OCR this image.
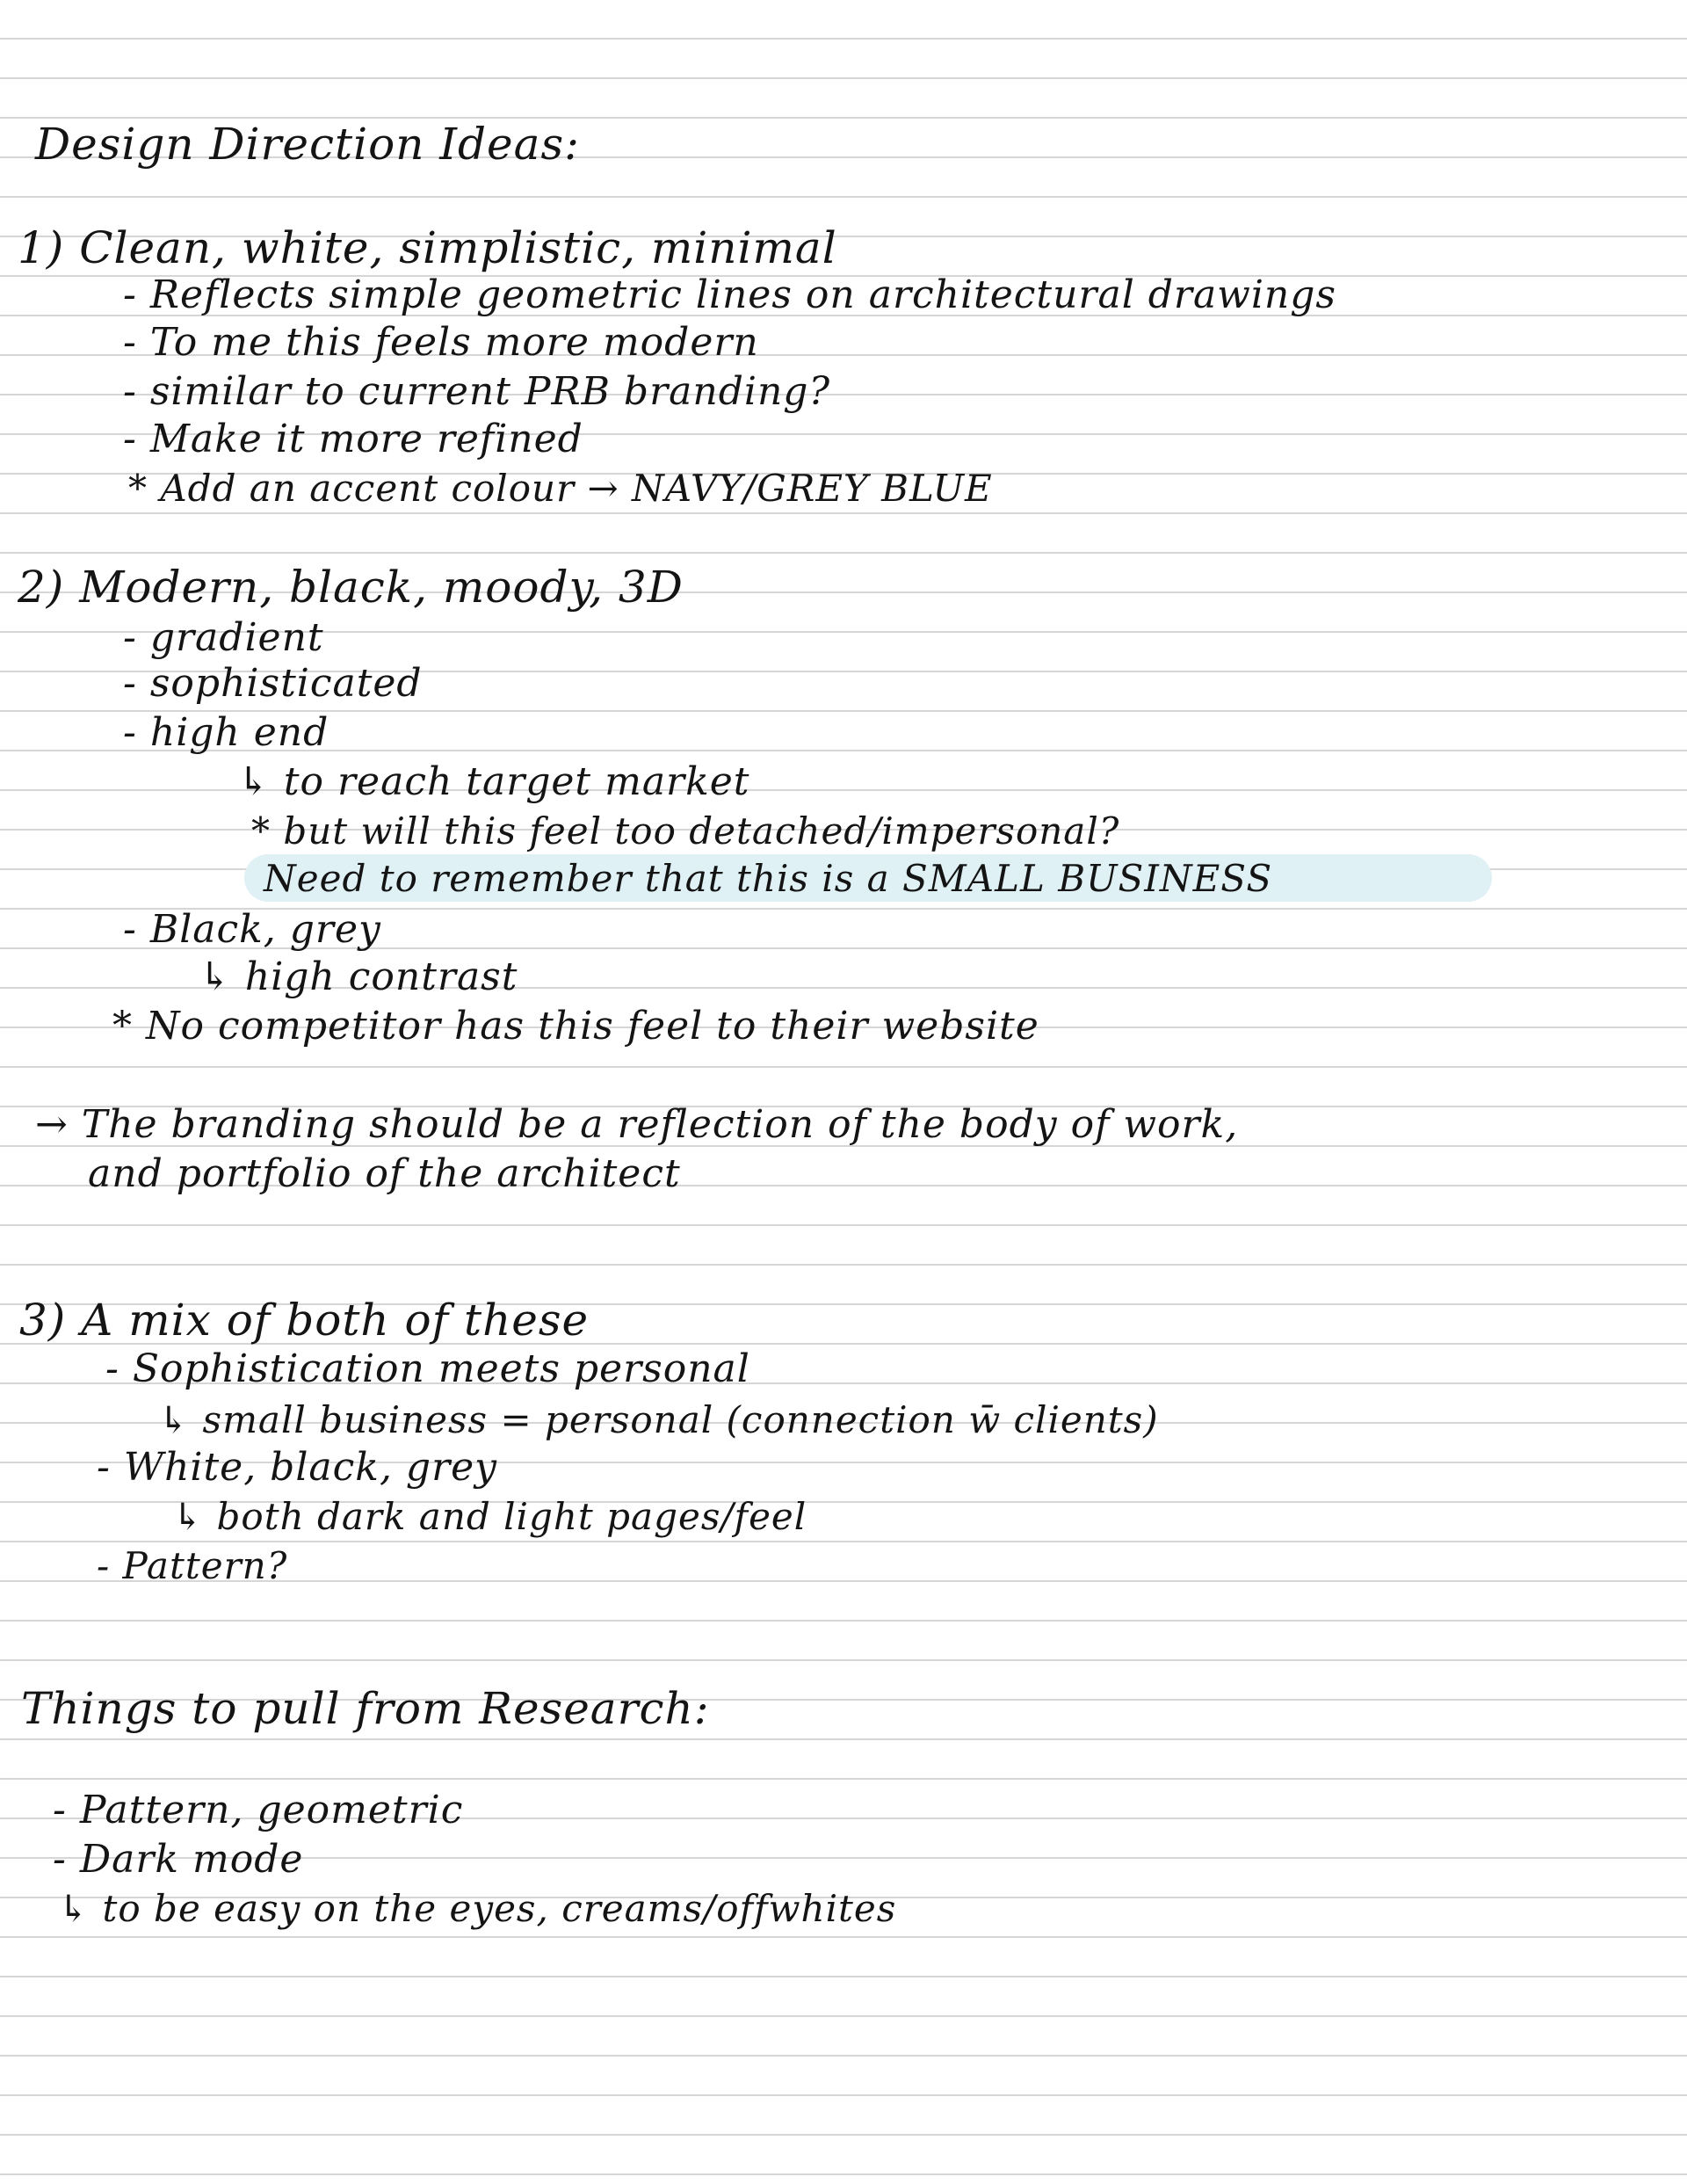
Design Direction Ideas:
1) Clean, white, simplistic, minimal
- Reflects simple geometric lines on architectural drawings
- To me this feels more modern
- similar to current PRB branding?
- Make it more refined
* Add an accent colour → NAVY/GREY BLUE
2) Modern, black, moody, 3D
- gradient
- sophisticated
- high end
↳ to reach target market
* but will this feel too detached/impersonal?
Need to remember that this is a SMALL BUSINESS
- Black, grey
↳ high contrast
* No competitor has this feel to their website
→ The branding should be a reflection of the body of work,
and portfolio of the architect
3) A mix of both of these
- Sophistication meets personal
↳ small business = personal (connection w̄ clients)
- White, black, grey
↳ both dark and light pages/feel
- Pattern?
Things to pull from Research:
- Pattern, geometric
- Dark mode
↳ to be easy on the eyes, creams/offwhites
